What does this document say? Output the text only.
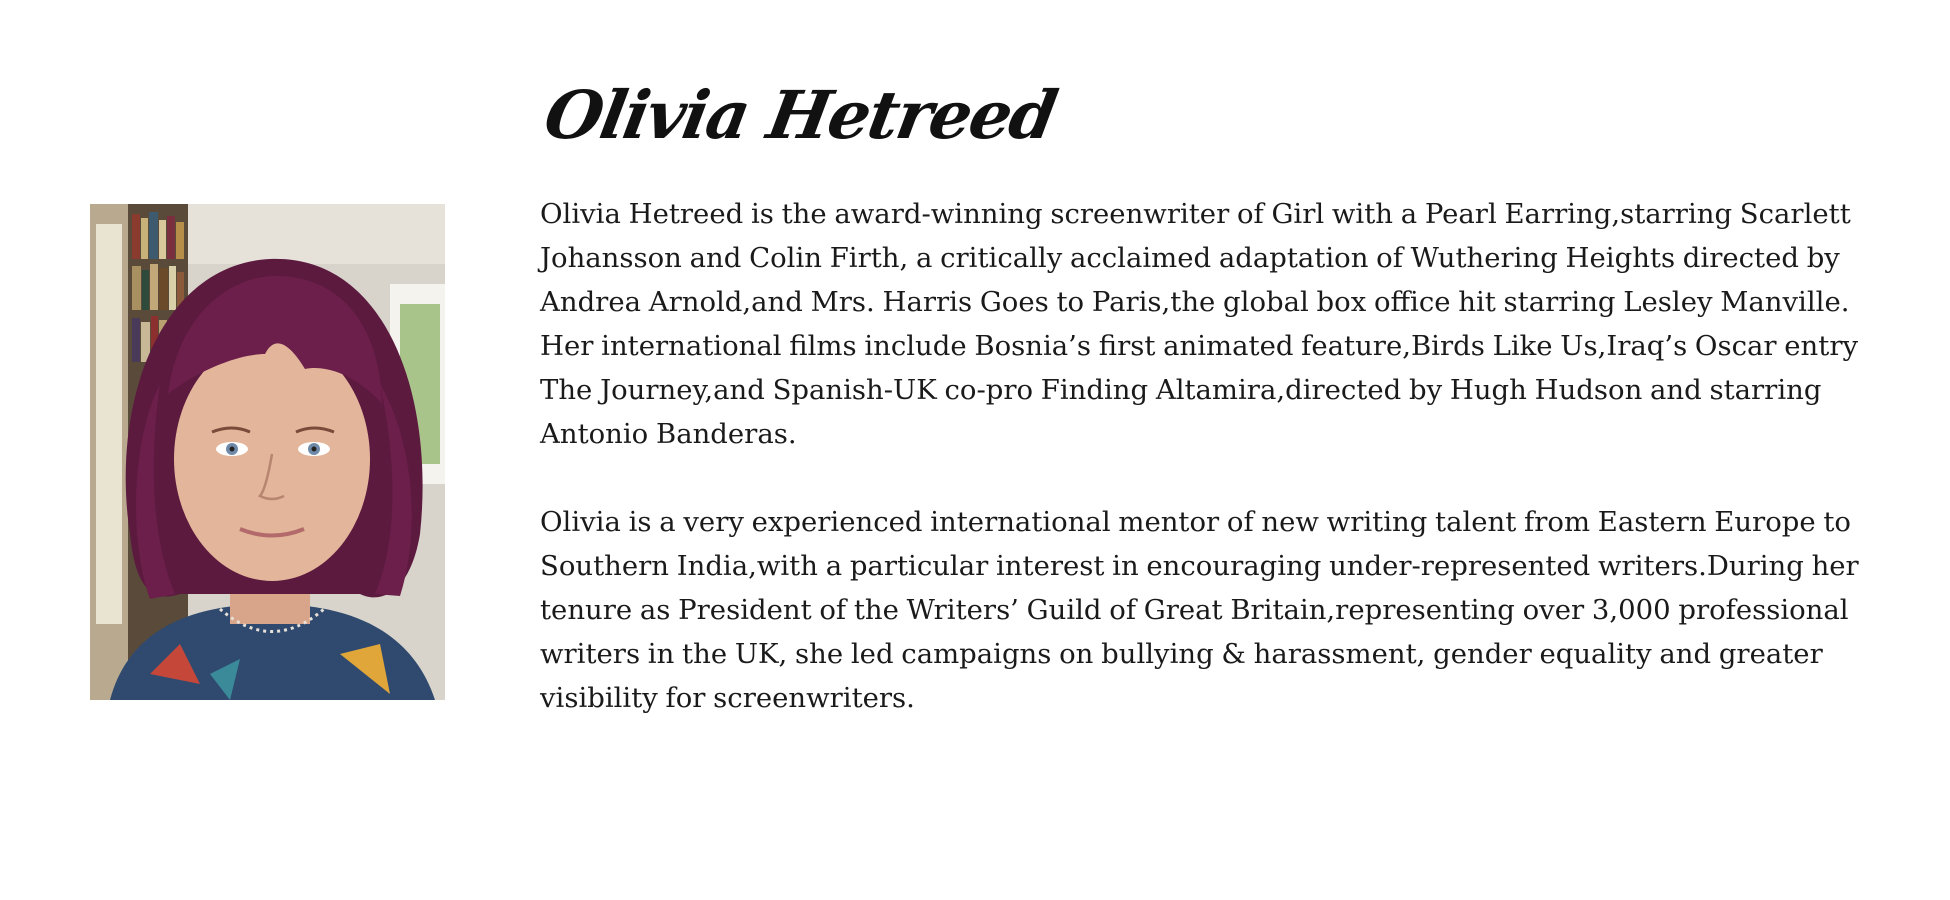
Olivia Hetreed

Olivia Hetreed is the award-winning screenwriter of Girl with a Pearl Earring,starring Scarlett Johansson and Colin Firth, a critically acclaimed adaptation of Wuthering Heights directed by Andrea Arnold,and Mrs. Harris Goes to Paris,the global box office hit starring Lesley Manville. Her international films include Bosnia’s first animated feature,Birds Like Us,Iraq’s Oscar entry The Journey,and Spanish-UK co-pro Finding Altamira,directed by Hugh Hudson and starring Antonio Banderas.

Olivia is a very experienced international mentor of new writing talent from Eastern Europe to Southern India,with a particular interest in encouraging under-represented writers.During her tenure as President of the Writers’ Guild of Great Britain,representing over 3,000 professional writers in the UK, she led campaigns on bullying & harassment, gender equality and greater visibility for screenwriters.
